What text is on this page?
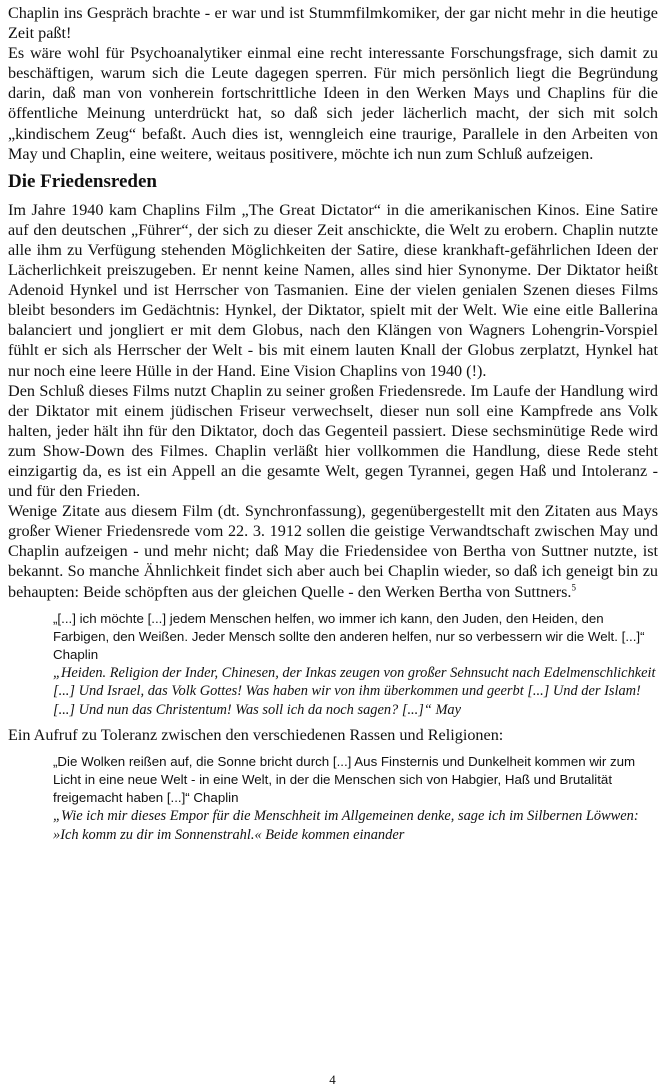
Chaplin ins Gespräch brachte - er war und ist Stummfilmkomiker, der gar nicht mehr in die heutige Zeit paßt!

Es wäre wohl für Psychoanalytiker einmal eine recht interessante Forschungsfrage, sich damit zu beschäftigen, warum sich die Leute dagegen sperren. Für mich persönlich liegt die Begründung darin, daß man von vonherein fortschrittliche Ideen in den Werken Mays und Chaplins für die öffentliche Meinung unterdrückt hat, so daß sich jeder lächerlich macht, der sich mit solch „kindischem Zeug“ befaßt. Auch dies ist, wenngleich eine traurige, Parallele in den Arbeiten von May und Chaplin, eine weitere, weitaus positivere, möchte ich nun zum Schluß aufzeigen.

Die Friedensreden

Im Jahre 1940 kam Chaplins Film „The Great Dictator“ in die amerikanischen Kinos. Eine Satire auf den deutschen „Führer“, der sich zu dieser Zeit anschickte, die Welt zu erobern. Chaplin nutzte alle ihm zu Verfügung stehenden Möglichkeiten der Satire, diese krankhaft-gefährlichen Ideen der Lächerlichkeit preiszugeben. Er nennt keine Namen, alles sind hier Synonyme. Der Diktator heißt Adenoid Hynkel und ist Herrscher von Tasmanien. Eine der vielen genialen Szenen dieses Films bleibt besonders im Gedächtnis: Hynkel, der Diktator, spielt mit der Welt. Wie eine eitle Ballerina balanciert und jongliert er mit dem Globus, nach den Klängen von Wagners Lohengrin-Vorspiel fühlt er sich als Herrscher der Welt - bis mit einem lauten Knall der Globus zerplatzt, Hynkel hat nur noch eine leere Hülle in der Hand. Eine Vision Chaplins von 1940 (!).

Den Schluß dieses Films nutzt Chaplin zu seiner großen Friedensrede. Im Laufe der Handlung wird der Diktator mit einem jüdischen Friseur verwechselt, dieser nun soll eine Kampfrede ans Volk halten, jeder hält ihn für den Diktator, doch das Gegenteil passiert. Diese sechsminütige Rede wird zum Show-Down des Filmes. Chaplin verläßt hier vollkommen die Handlung, diese Rede steht einzigartig da, es ist ein Appell an die gesamte Welt, gegen Tyrannei, gegen Haß und Intoleranz - und für den Frieden.

Wenige Zitate aus diesem Film (dt. Synchronfassung), gegenübergestellt mit den Zitaten aus Mays großer Wiener Friedensrede vom 22. 3. 1912 sollen die geistige Verwandtschaft zwischen May und Chaplin aufzeigen - und mehr nicht; daß May die Friedensidee von Bertha von Suttner nutzte, ist bekannt. So manche Ähnlichkeit findet sich aber auch bei Chaplin wieder, so daß ich geneigt bin zu behaupten: Beide schöpften aus der gleichen Quelle - den Werken Bertha von Suttners.$^5$

„[...] ich möchte [...] jedem Menschen helfen, wo immer ich kann, den Juden, den Heiden, den Farbigen, den Weißen. Jeder Mensch sollte den anderen helfen, nur so verbessern wir die Welt. [...]“ Chaplin

„Heiden. Religion der Inder, Chinesen, der Inkas zeugen von großer Sehnsucht nach Edelmenschlichkeit [...] Und Israel, das Volk Gottes! Was haben wir von ihm überkommen und geerbt [...] Und der Islam! [...] Und nun das Christentum! Was soll ich da noch sagen? [...]“ May

Ein Aufruf zu Toleranz zwischen den verschiedenen Rassen und Religionen:

„Die Wolken reißen auf, die Sonne bricht durch [...] Aus Finsternis und Dunkelheit kommen wir zum Licht in eine neue Welt - in eine Welt, in der die Menschen sich von Habgier, Haß und Brutalität freigemacht haben [...]“ Chaplin

„Wie ich mir dieses Empor für die Menschheit im Allgemeinen denke, sage ich im Silbernen Löwwen: »Ich komm zu dir im Sonnenstrahl.« Beide kommen einander

4
